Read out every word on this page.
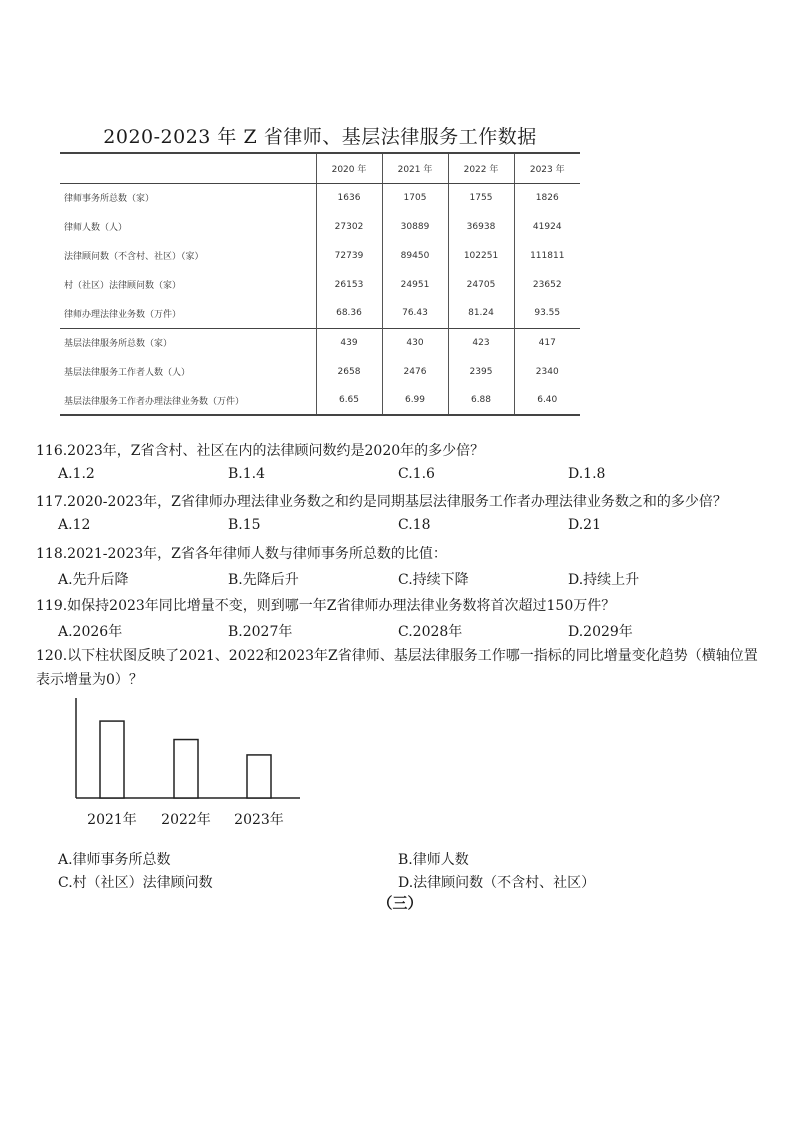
2020-2023 年 Z 省律师、基层法律服务工作数据
	2020 年	2021 年	2022 年	2023 年
律师事务所总数（家）	1636	1705	1755	1826
律师人数（人）	27302	30889	36938	41924
法律顾问数（不含村、社区）（家）	72739	89450	102251	111811
村（社区）法律顾问数（家）	26153	24951	24705	23652
律师办理法律业务数（万件）	68.36	76.43	81.24	93.55
基层法律服务所总数（家）	439	430	423	417
基层法律服务工作者人数（人）	2658	2476	2395	2340
基层法律服务工作者办理法律业务数（万件）	6.65	6.99	6.88	6.40
116.2023年，Z省含村、社区在内的法律顾问数约是2020年的多少倍？
A.1.2	B.1.4	C.1.6	D.1.8
117.2020-2023年，Z省律师办理法律业务数之和约是同期基层法律服务工作者办理法律业务数之和的多少倍？
A.12	B.15	C.18	D.21
118.2021-2023年，Z省各年律师人数与律师事务所总数的比值：
A.先升后降	B.先降后升	C.持续下降	D.持续上升
119.如保持2023年同比增量不变，则到哪一年Z省律师办理法律业务数将首次超过150万件？
A.2026年	B.2027年	C.2028年	D.2029年
120.以下柱状图反映了2021、2022和2023年Z省律师、基层法律服务工作哪一指标的同比增量变化趋势（横轴位置表示增量为0）？
2021年 2022年 2023年
A.律师事务所总数	B.律师人数
C.村（社区）法律顾问数	D.法律顾问数（不含村、社区）
（三）
